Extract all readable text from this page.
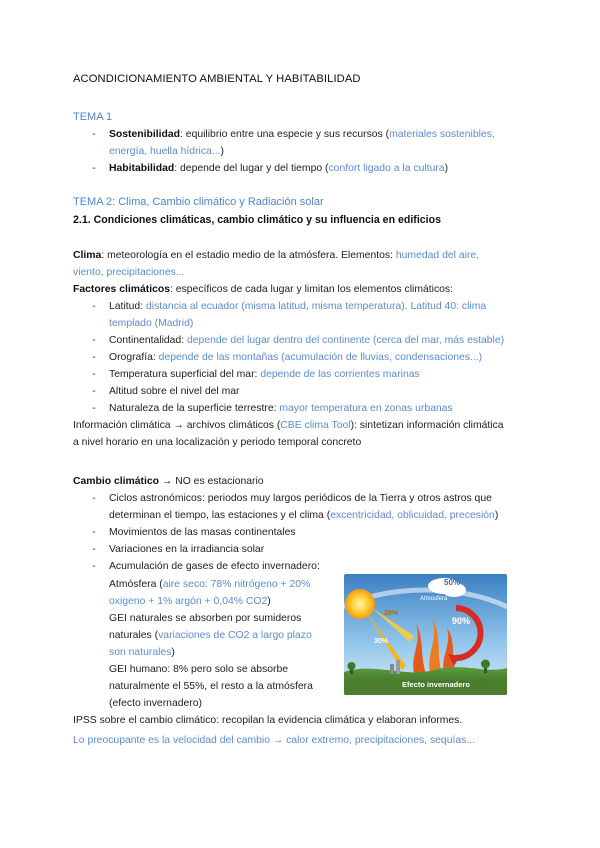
ACONDICIONAMIENTO AMBIENTAL Y HABITABILIDAD
TEMA 1
-	Sostenibilidad: equilibrio entre una especie y sus recursos (materiales sostenibles,
energía, huella hídrica...)
-	Habitabilidad: depende del lugar y del tiempo (confort ligado a la cultura)
TEMA 2: Clima, Cambio climático y Radiación solar
2.1. Condiciones climáticas, cambio climático y su influencia en edificios
Clima: meteorología en el estadio medio de la atmósfera. Elementos: humedad del aire,
viento, precipitaciones...
Factores climáticos: específicos de cada lugar y limitan los elementos climáticos:
-	Latitud: distancia al ecuador (misma latitud, misma temperatura). Latitud 40: clima
templado (Madrid)
-	Continentalidad: depende del lugar dentro del continente (cerca del mar, más estable)
-	Orografía: depende de las montañas (acumulación de lluvias, condensaciones...)
-	Temperatura superficial del mar: depende de las corrientes marinas
-	Altitud sobre el nivel del mar
-	Naturaleza de la superficie terrestre: mayor temperatura en zonas urbanas
Información climática → archivos climáticos (CBE clima Tool): sintetizan información climática
a nivel horario en una localización y periodo temporal concreto
Cambio climático → NO es estacionario
-	Ciclos astronómicos: periodos muy largos periódicos de la Tierra y otros astros que
determinan el tiempo, las estaciones y el clima (excentricidad, oblicuidad, precesión)
-	Movimientos de las masas continentales
-	Variaciones en la irradiancia solar
-	Acumulación de gases de efecto invernadero:
Atmósfera (aire seco: 78% nitrógeno + 20%
oxigeno + 1% argón + 0,04% CO2)
GEI naturales se absorben por sumideros
naturales (variaciones de CO2 a largo plazo
son naturales)
GEI humano: 8% pero solo se absorbe
naturalmente el 55%, el resto a la atmósfera
(efecto invernadero)
IPSS sobre el cambio climático: recopilan la evidencia climática y elaboran informes.
Lo preocupante es la velocidad del cambio → calor extremo, precipitaciones, sequías...
50%
20%
30%
90%
Atmosfera
Efecto invernadero
